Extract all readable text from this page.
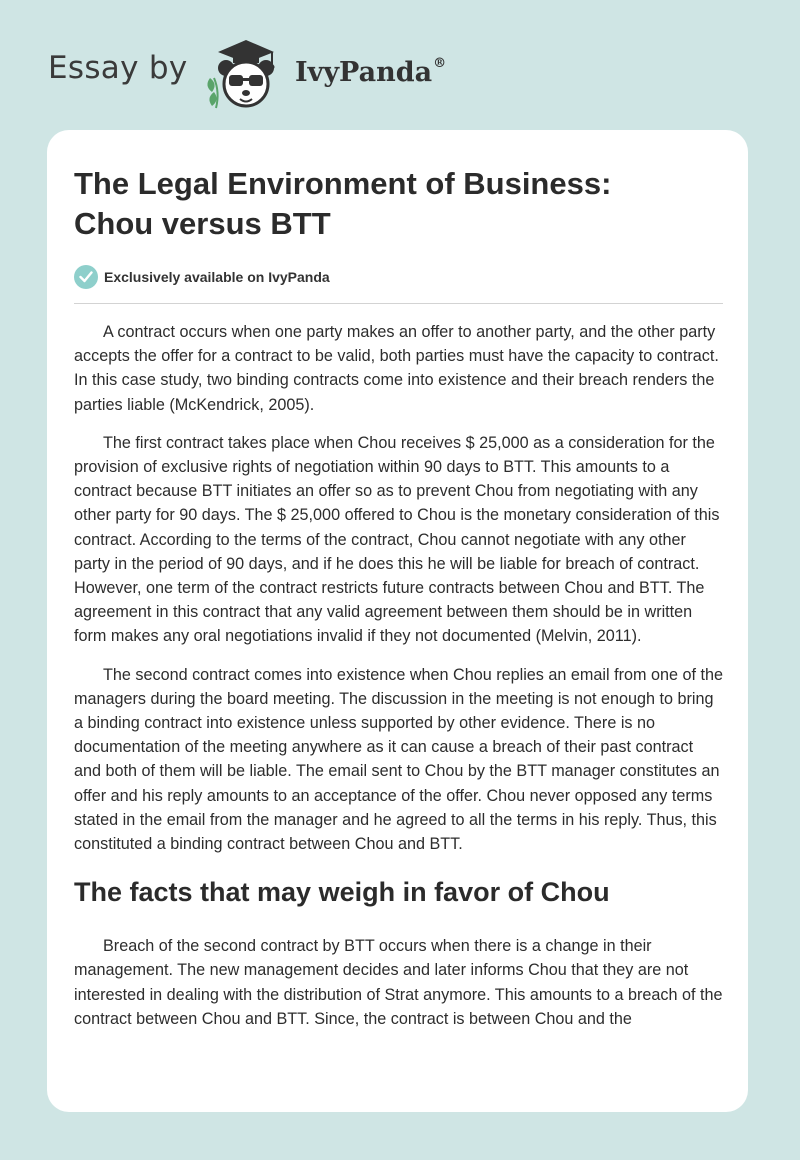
Essay by	IvyPanda®
The Legal Environment of Business:
Chou versus BTT
Exclusively available on IvyPanda

A contract occurs when one party makes an offer to another party, and the other party accepts the offer for a contract to be valid, both parties must have the capacity to contract. In this case study, two binding contracts come into existence and their breach renders the parties liable (McKendrick, 2005).

The first contract takes place when Chou receives $ 25,000 as a consideration for the provision of exclusive rights of negotiation within 90 days to BTT. This amounts to a contract because BTT initiates an offer so as to prevent Chou from negotiating with any other party for 90 days. The $ 25,000 offered to Chou is the monetary consideration of this contract. According to the terms of the contract, Chou cannot negotiate with any other party in the period of 90 days, and if he does this he will be liable for breach of contract. However, one term of the contract restricts future contracts between Chou and BTT. The agreement in this contract that any valid agreement between them should be in written form makes any oral negotiations invalid if they not documented (Melvin, 2011).

The second contract comes into existence when Chou replies an email from one of the managers during the board meeting. The discussion in the meeting is not enough to bring a binding contract into existence unless supported by other evidence. There is no documentation of the meeting anywhere as it can cause a breach of their past contract and both of them will be liable. The email sent to Chou by the BTT manager constitutes an offer and his reply amounts to an acceptance of the offer. Chou never opposed any terms stated in the email from the manager and he agreed to all the terms in his reply. Thus, this constituted a binding contract between Chou and BTT.

The facts that may weigh in favor of Chou

Breach of the second contract by BTT occurs when there is a change in their management. The new management decides and later informs Chou that they are not interested in dealing with the distribution of Strat anymore. This amounts to a breach of the contract between Chou and BTT. Since, the contract is between Chou and the
